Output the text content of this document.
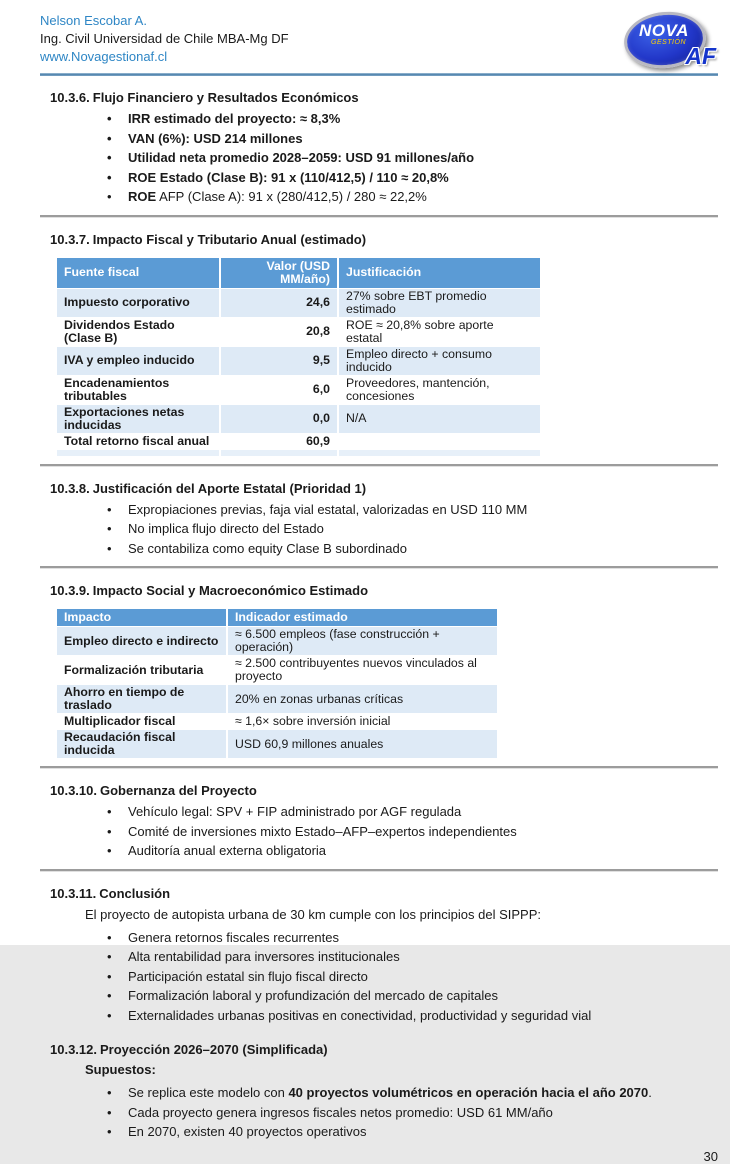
Nelson Escobar A.
Ing. Civil Universidad de Chile MBA-Mg DF
www.Novagestionaf.cl
NOVA
GESTIÓN
AF
10.3.6. Flujo Financiero y Resultados Económicos
• IRR estimado del proyecto: ≈ 8,3%
• VAN (6%): USD 214 millones
• Utilidad neta promedio 2028–2059: USD 91 millones/año
• ROE Estado (Clase B): 91 x (110/412,5) / 110 ≈ 20,8%
• ROE AFP (Clase A): 91 x (280/412,5) / 280 ≈ 22,2%
10.3.7. Impacto Fiscal y Tributario Anual (estimado)
Fuente fiscal	Valor (USD MM/año)	Justificación
Impuesto corporativo	24,6	27% sobre EBT promedio estimado
Dividendos Estado (Clase B)	20,8	ROE ≈ 20,8% sobre aporte estatal
IVA y empleo inducido	9,5	Empleo directo + consumo inducido
Encadenamientos tributables	6,0	Proveedores, mantención, concesiones
Exportaciones netas inducidas	0,0	N/A
Total retorno fiscal anual	60,9	

10.3.8. Justificación del Aporte Estatal (Prioridad 1)
• Expropiaciones previas, faja vial estatal, valorizadas en USD 110 MM
• No implica flujo directo del Estado
• Se contabiliza como equity Clase B subordinado
10.3.9. Impacto Social y Macroeconómico Estimado
Impacto	Indicador estimado
Empleo directo e indirecto	≈ 6.500 empleos (fase construcción + operación)
Formalización tributaria	≈ 2.500 contribuyentes nuevos vinculados al proyecto
Ahorro en tiempo de traslado	20% en zonas urbanas críticas
Multiplicador fiscal	≈ 1,6× sobre inversión inicial
Recaudación fiscal inducida	USD 60,9 millones anuales
10.3.10. Gobernanza del Proyecto
• Vehículo legal: SPV + FIP administrado por AGF regulada
• Comité de inversiones mixto Estado–AFP–expertos independientes
• Auditoría anual externa obligatoria
10.3.11. Conclusión

El proyecto de autopista urbana de 30 km cumple con los principios del SIPPP:

• Genera retornos fiscales recurrentes
• Alta rentabilidad para inversores institucionales
• Participación estatal sin flujo fiscal directo
• Formalización laboral y profundización del mercado de capitales
• Externalidades urbanas positivas en conectividad, productividad y seguridad vial
10.3.12. Proyección 2026–2070 (Simplificada)
Supuestos:
• Se replica este modelo con 40 proyectos volumétricos en operación hacia el año 2070.
• Cada proyecto genera ingresos fiscales netos promedio: USD 61 MM/año
• En 2070, existen 40 proyectos operativos
30
